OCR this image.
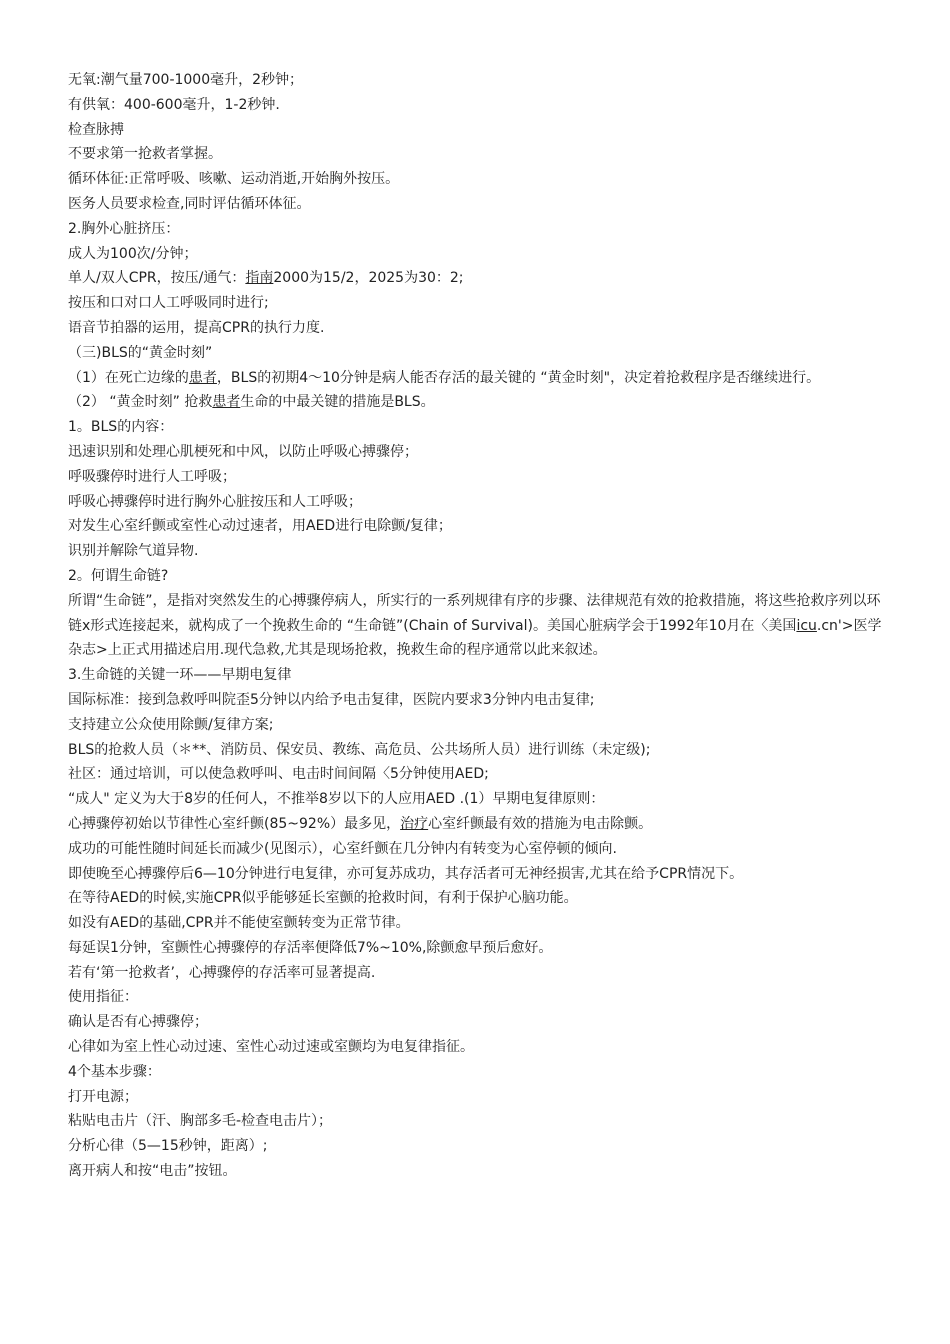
无氧:潮气量700-1000毫升，2秒钟；

有供氧：400-600毫升，1-2秒钟.

检查脉搏

不要求第一抢救者掌握。

循环体征:正常呼吸、咳嗽、运动消逝,开始胸外按压。

医务人员要求检查,同时评估循环体征。

2.胸外心脏挤压：

成人为100次/分钟；

单人/双人CPR，按压/通气：指南2000为15/2，2025为30：2;

按压和口对口人工呼吸同时进行;

语音节拍器的运用，提高CPR的执行力度.

（三)BLS的“黄金时刻”

（1）在死亡边缘的患者，BLS的初期4～10分钟是病人能否存活的最关键的 “黄金时刻"，决定着抢救程序是否继续进行。

（2） “黄金时刻” 抢救患者生命的中最关键的措施是BLS。

1。BLS的内容：

迅速识别和处理心肌梗死和中风，以防止呼吸心搏骤停；

呼吸骤停时进行人工呼吸；

呼吸心搏骤停时进行胸外心脏按压和人工呼吸；

对发生心室纤颤或室性心动过速者，用AED进行电除颤/复律；

识别并解除气道异物.

2。何谓生命链?

所谓“生命链”，是指对突然发生的心搏骤停病人，所实行的一系列规律有序的步骤、法律规范有效的抢救措施，将这些抢救序列以环链x形式连接起来，就构成了一个挽救生命的 “生命链”(Chain of Survival)。美国心脏病学会于1992年10月在〈美国icu.cn'>医学杂志>上正式用描述启用.现代急救,尤其是现场抢救，挽救生命的程序通常以此来叙述。

3.生命链的关键一环——早期电复律

国际标准：接到急救呼叫院歪5分钟以内给予电击复律，医院内要求3分钟内电击复律;

支持建立公众使用除颤/复律方案;

BLS的抢救人员（＊**、消防员、保安员、教练、高危员、公共场所人员）进行训练（未定级);

社区：通过培训，可以使急救呼叫、电击时间间隔〈5分钟使用AED;

“成人" 定义为大于8岁的任何人，不推举8岁以下的人应用AED .(1）早期电复律原则：

心搏骤停初始以节律性心室纤颤(85~92%）最多见，治疗心室纤颤最有效的措施为电击除颤。

成功的可能性随时间延长而减少(见图示），心室纤颤在几分钟内有转变为心室停顿的倾向.

即使晚至心搏骤停后6—10分钟进行电复律，亦可复苏成功，其存活者可无神经损害,尤其在给予CPR情况下。

在等待AED的时候,实施CPR似乎能够延长室颤的抢救时间，有利于保护心脑功能。

如没有AED的基础,CPR并不能使室颤转变为正常节律。

每延误1分钟，室颤性心搏骤停的存活率便降低7%~10%,除颤愈早预后愈好。

若有‘第一抢救者’，心搏骤停的存活率可显著提高.

使用指征：

确认是否有心搏骤停；

心律如为室上性心动过速、室性心动过速或室颤均为电复律指征。

4个基本步骤：

打开电源；

粘贴电击片（汗、胸部多毛-检查电击片）；

分析心律（5—15秒钟，距离）;

离开病人和按“电击”按钮。
